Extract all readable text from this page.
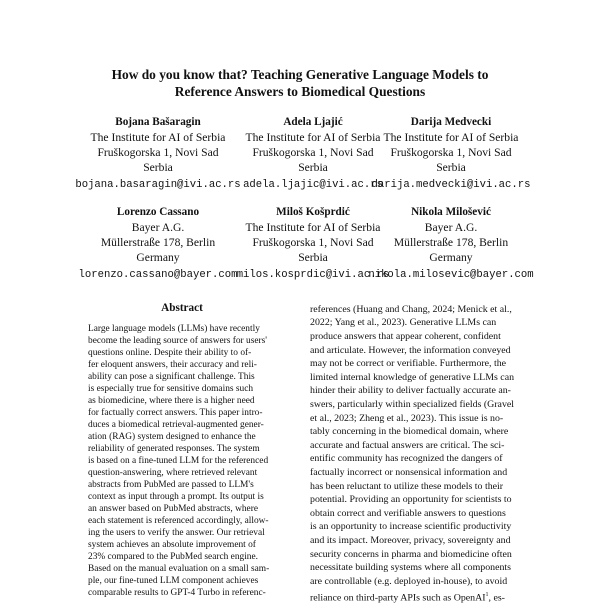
How do you know that? Teaching Generative Language Models to
Reference Answers to Biomedical Questions
Bojana Bašaragin
The Institute for AI of Serbia
Fruškogorska 1, Novi Sad
Serbia
bojana.basaragin@ivi.ac.rs
Adela Ljajić
The Institute for AI of Serbia
Fruškogorska 1, Novi Sad
Serbia
adela.ljajic@ivi.ac.rs
Darija Medvecki
The Institute for AI of Serbia
Fruškogorska 1, Novi Sad
Serbia
darija.medvecki@ivi.ac.rs
Lorenzo Cassano
Bayer A.G.
Müllerstraße 178, Berlin
Germany
lorenzo.cassano@bayer.com
Miloš Košprdić
The Institute for AI of Serbia
Fruškogorska 1, Novi Sad
Serbia
milos.kosprdic@ivi.ac.rs
Nikola Milošević
Bayer A.G.
Müllerstraße 178, Berlin
Germany
nikola.milosevic@bayer.com
Abstract
Large language models (LLMs) have recently
become the leading source of answers for users'
questions online. Despite their ability to of-
fer eloquent answers, their accuracy and reli-
ability can pose a significant challenge. This
is especially true for sensitive domains such
as biomedicine, where there is a higher need
for factually correct answers. This paper intro-
duces a biomedical retrieval-augmented gener-
ation (RAG) system designed to enhance the
reliability of generated responses. The system
is based on a fine-tuned LLM for the referenced
question-answering, where retrieved relevant
abstracts from PubMed are passed to LLM's
context as input through a prompt. Its output is
an answer based on PubMed abstracts, where
each statement is referenced accordingly, allow-
ing the users to verify the answer. Our retrieval
system achieves an absolute improvement of
23% compared to the PubMed search engine.
Based on the manual evaluation on a small sam-
ple, our fine-tuned LLM component achieves
comparable results to GPT-4 Turbo in referenc-
references (Huang and Chang, 2024; Menick et al.,
2022; Yang et al., 2023). Generative LLMs can
produce answers that appear coherent, confident
and articulate. However, the information conveyed
may not be correct or verifiable. Furthermore, the
limited internal knowledge of generative LLMs can
hinder their ability to deliver factually accurate an-
swers, particularly within specialized fields (Gravel
et al., 2023; Zheng et al., 2023). This issue is no-
tably concerning in the biomedical domain, where
accurate and factual answers are critical. The sci-
entific community has recognized the dangers of
factually incorrect or nonsensical information and
has been reluctant to utilize these models to their
potential. Providing an opportunity for scientists to
obtain correct and verifiable answers to questions
is an opportunity to increase scientific productivity
and its impact. Moreover, privacy, sovereignty and
security concerns in pharma and biomedicine often
necessitate building systems where all components
are controllable (e.g. deployed in-house), to avoid
reliance on third-party APIs such as OpenAI$^1$, es-
